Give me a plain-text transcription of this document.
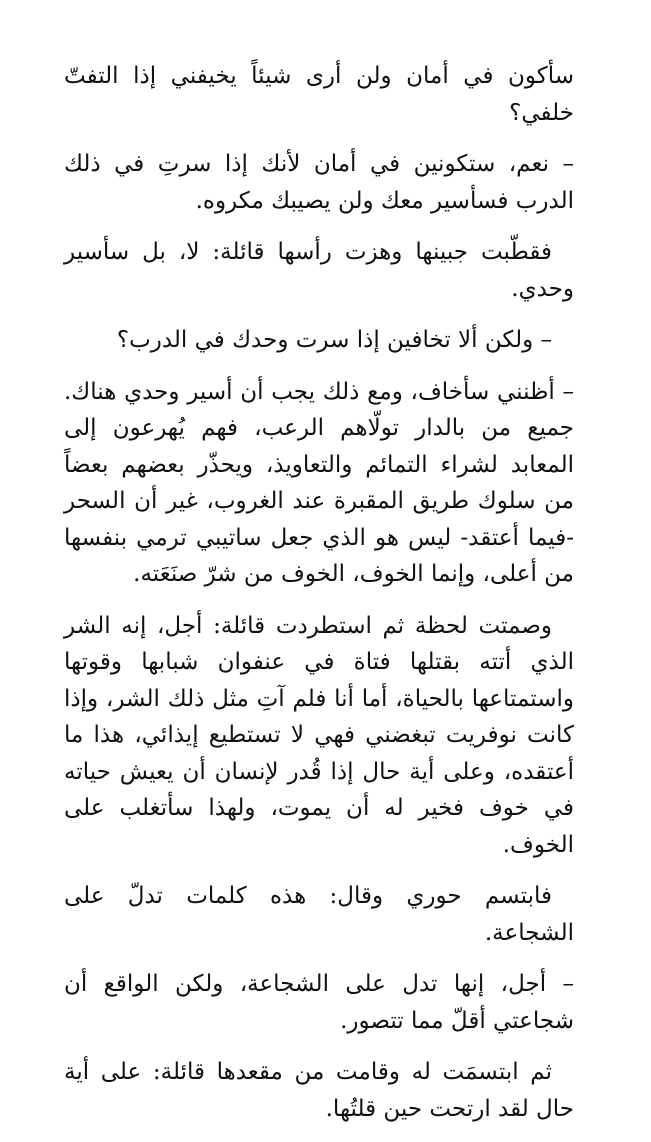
سأكون في أمان ولن أرى شيئاً يخيفني إذا التفتّ خلفي؟

– نعم، ستكونين في أمان لأنك إذا سرتِ في ذلك الدرب فسأسير معك ولن يصيبك مكروه.

فقطّبت جبينها وهزت رأسها قائلة: لا، بل سأسير وحدي.

– ولكن ألا تخافين إذا سرت وحدك في الدرب؟

– أظنني سأخاف، ومع ذلك يجب أن أسير وحدي هناك. جميع من بالدار تولّاهم الرعب، فهم يُهرعون إلى المعابد لشراء التمائم والتعاويذ، ويحذّر بعضهم بعضاً من سلوك طريق المقبرة عند الغروب، غير أن السحر -فيما أعتقد- ليس هو الذي جعل ساتيبي ترمي بنفسها من أعلى، وإنما الخوف، الخوف من شرّ صنَعَته.

وصمتت لحظة ثم استطردت قائلة: أجل، إنه الشر الذي أتته بقتلها فتاة في عنفوان شبابها وقوتها واستمتاعها بالحياة، أما أنا فلم آتِ مثل ذلك الشر، وإذا كانت نوفريت تبغضني فهي لا تستطيع إيذائي، هذا ما أعتقده، وعلى أية حال إذا قُدر لإنسان أن يعيش حياته في خوف فخير له أن يموت، ولهذا سأتغلب على الخوف.

فابتسم حوري وقال: هذه كلمات تدلّ على الشجاعة.

– أجل، إنها تدل على الشجاعة، ولكن الواقع أن شجاعتي أقلّ مما تتصور.

ثم ابتسمَت له وقامت من مقعدها قائلة: على أية حال لقد ارتحت حين قلتُها.
